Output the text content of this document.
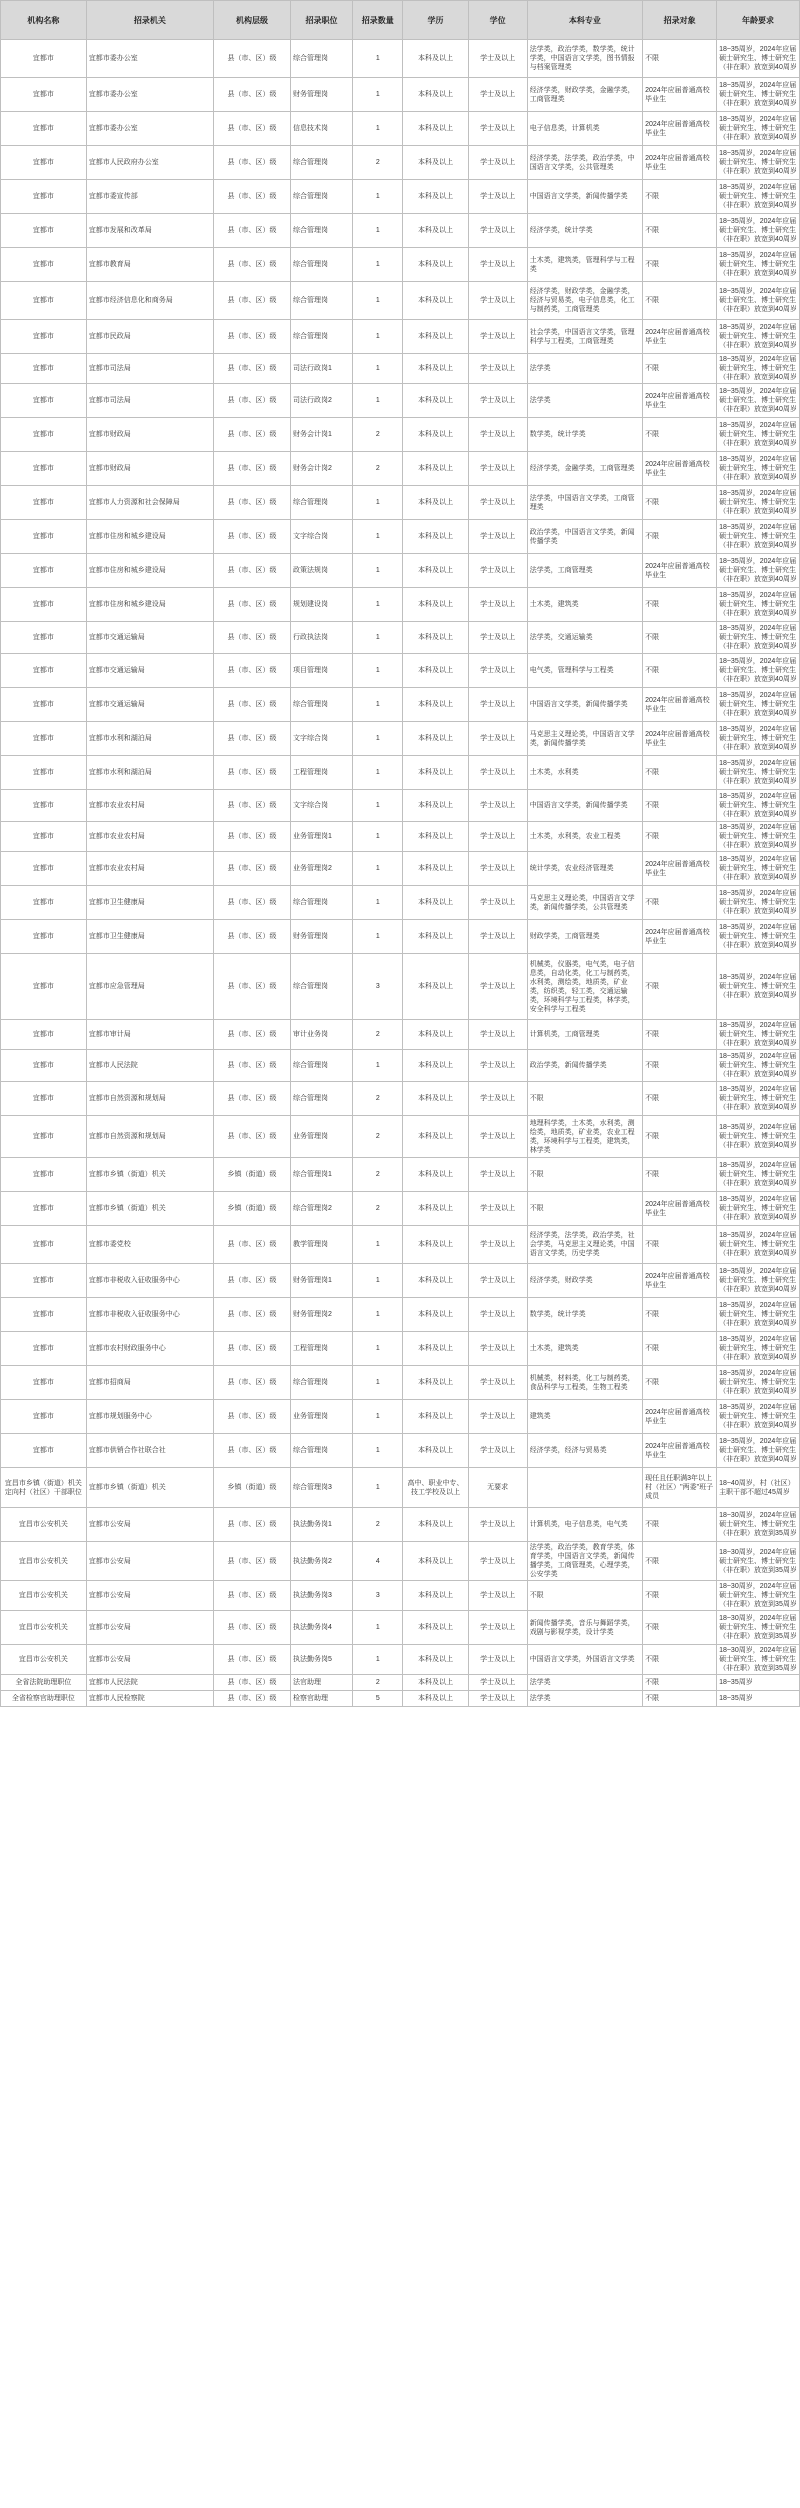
机构名称	招录机关	机构层级	招录职位	招录数量	学历	学位	本科专业	招录对象	年龄要求
宜都市	宜都市委办公室	县（市、区）级	综合管理岗	1	本科及以上	学士及以上	法学类，政治学类，数学类，统计学类，中国语言文学类，图书情报与档案管理类	不限	18~35周岁，2024年应届硕士研究生、博士研究生（非在职）放宽到40周岁
宜都市	宜都市委办公室	县（市、区）级	财务管理岗	1	本科及以上	学士及以上	经济学类，财政学类，金融学类，工商管理类	2024年应届普通高校毕业生	18~35周岁，2024年应届硕士研究生、博士研究生（非在职）放宽到40周岁
宜都市	宜都市委办公室	县（市、区）级	信息技术岗	1	本科及以上	学士及以上	电子信息类，计算机类	2024年应届普通高校毕业生	18~35周岁，2024年应届硕士研究生、博士研究生（非在职）放宽到40周岁
宜都市	宜都市人民政府办公室	县（市、区）级	综合管理岗	2	本科及以上	学士及以上	经济学类，法学类，政治学类，中国语言文学类，公共管理类	2024年应届普通高校毕业生	18~35周岁，2024年应届硕士研究生、博士研究生（非在职）放宽到40周岁
宜都市	宜都市委宣传部	县（市、区）级	综合管理岗	1	本科及以上	学士及以上	中国语言文学类，新闻传播学类	不限	18~35周岁，2024年应届硕士研究生、博士研究生（非在职）放宽到40周岁
宜都市	宜都市发展和改革局	县（市、区）级	综合管理岗	1	本科及以上	学士及以上	经济学类，统计学类	不限	18~35周岁，2024年应届硕士研究生、博士研究生（非在职）放宽到40周岁
宜都市	宜都市教育局	县（市、区）级	综合管理岗	1	本科及以上	学士及以上	土木类，建筑类，管理科学与工程类	不限	18~35周岁，2024年应届硕士研究生、博士研究生（非在职）放宽到40周岁
宜都市	宜都市经济信息化和商务局	县（市、区）级	综合管理岗	1	本科及以上	学士及以上	经济学类，财政学类，金融学类，经济与贸易类，电子信息类，化工与制药类，工商管理类	不限	18~35周岁，2024年应届硕士研究生、博士研究生（非在职）放宽到40周岁
宜都市	宜都市民政局	县（市、区）级	综合管理岗	1	本科及以上	学士及以上	社会学类，中国语言文学类，管理科学与工程类，工商管理类	2024年应届普通高校毕业生	18~35周岁，2024年应届硕士研究生、博士研究生（非在职）放宽到40周岁
宜都市	宜都市司法局	县（市、区）级	司法行政岗1	1	本科及以上	学士及以上	法学类	不限	18~35周岁，2024年应届硕士研究生、博士研究生（非在职）放宽到40周岁
宜都市	宜都市司法局	县（市、区）级	司法行政岗2	1	本科及以上	学士及以上	法学类	2024年应届普通高校毕业生	18~35周岁，2024年应届硕士研究生、博士研究生（非在职）放宽到40周岁
宜都市	宜都市财政局	县（市、区）级	财务会计岗1	2	本科及以上	学士及以上	数学类，统计学类	不限	18~35周岁，2024年应届硕士研究生、博士研究生（非在职）放宽到40周岁
宜都市	宜都市财政局	县（市、区）级	财务会计岗2	2	本科及以上	学士及以上	经济学类，金融学类，工商管理类	2024年应届普通高校毕业生	18~35周岁，2024年应届硕士研究生、博士研究生（非在职）放宽到40周岁
宜都市	宜都市人力资源和社会保障局	县（市、区）级	综合管理岗	1	本科及以上	学士及以上	法学类，中国语言文学类，工商管理类	不限	18~35周岁，2024年应届硕士研究生、博士研究生（非在职）放宽到40周岁
宜都市	宜都市住房和城乡建设局	县（市、区）级	文字综合岗	1	本科及以上	学士及以上	政治学类，中国语言文学类，新闻传播学类	不限	18~35周岁，2024年应届硕士研究生、博士研究生（非在职）放宽到40周岁
宜都市	宜都市住房和城乡建设局	县（市、区）级	政策法规岗	1	本科及以上	学士及以上	法学类，工商管理类	2024年应届普通高校毕业生	18~35周岁，2024年应届硕士研究生、博士研究生（非在职）放宽到40周岁
宜都市	宜都市住房和城乡建设局	县（市、区）级	规划建设岗	1	本科及以上	学士及以上	土木类，建筑类	不限	18~35周岁，2024年应届硕士研究生、博士研究生（非在职）放宽到40周岁
宜都市	宜都市交通运输局	县（市、区）级	行政执法岗	1	本科及以上	学士及以上	法学类，交通运输类	不限	18~35周岁，2024年应届硕士研究生、博士研究生（非在职）放宽到40周岁
宜都市	宜都市交通运输局	县（市、区）级	项目管理岗	1	本科及以上	学士及以上	电气类，管理科学与工程类	不限	18~35周岁，2024年应届硕士研究生、博士研究生（非在职）放宽到40周岁
宜都市	宜都市交通运输局	县（市、区）级	综合管理岗	1	本科及以上	学士及以上	中国语言文学类，新闻传播学类	2024年应届普通高校毕业生	18~35周岁，2024年应届硕士研究生、博士研究生（非在职）放宽到40周岁
宜都市	宜都市水利和湖泊局	县（市、区）级	文字综合岗	1	本科及以上	学士及以上	马克思主义理论类，中国语言文学类，新闻传播学类	2024年应届普通高校毕业生	18~35周岁，2024年应届硕士研究生、博士研究生（非在职）放宽到40周岁
宜都市	宜都市水利和湖泊局	县（市、区）级	工程管理岗	1	本科及以上	学士及以上	土木类，水利类	不限	18~35周岁，2024年应届硕士研究生、博士研究生（非在职）放宽到40周岁
宜都市	宜都市农业农村局	县（市、区）级	文字综合岗	1	本科及以上	学士及以上	中国语言文学类，新闻传播学类	不限	18~35周岁，2024年应届硕士研究生、博士研究生（非在职）放宽到40周岁
宜都市	宜都市农业农村局	县（市、区）级	业务管理岗1	1	本科及以上	学士及以上	土木类，水利类，农业工程类	不限	18~35周岁，2024年应届硕士研究生、博士研究生（非在职）放宽到40周岁
宜都市	宜都市农业农村局	县（市、区）级	业务管理岗2	1	本科及以上	学士及以上	统计学类，农业经济管理类	2024年应届普通高校毕业生	18~35周岁，2024年应届硕士研究生、博士研究生（非在职）放宽到40周岁
宜都市	宜都市卫生健康局	县（市、区）级	综合管理岗	1	本科及以上	学士及以上	马克思主义理论类，中国语言文学类，新闻传播学类，公共管理类	不限	18~35周岁，2024年应届硕士研究生、博士研究生（非在职）放宽到40周岁
宜都市	宜都市卫生健康局	县（市、区）级	财务管理岗	1	本科及以上	学士及以上	财政学类，工商管理类	2024年应届普通高校毕业生	18~35周岁，2024年应届硕士研究生、博士研究生（非在职）放宽到40周岁
宜都市	宜都市应急管理局	县（市、区）级	综合管理岗	3	本科及以上	学士及以上	机械类，仪器类，电气类，电子信息类，自动化类，化工与制药类，水利类，测绘类，地质类，矿业类，纺织类，轻工类，交通运输类，环境科学与工程类，林学类，安全科学与工程类	不限	18~35周岁，2024年应届硕士研究生、博士研究生（非在职）放宽到40周岁
宜都市	宜都市审计局	县（市、区）级	审计业务岗	2	本科及以上	学士及以上	计算机类，工商管理类	不限	18~35周岁，2024年应届硕士研究生、博士研究生（非在职）放宽到40周岁
宜都市	宜都市人民法院	县（市、区）级	综合管理岗	1	本科及以上	学士及以上	政治学类，新闻传播学类	不限	18~35周岁，2024年应届硕士研究生、博士研究生（非在职）放宽到40周岁
宜都市	宜都市自然资源和规划局	县（市、区）级	综合管理岗	2	本科及以上	学士及以上	不限	不限	18~35周岁，2024年应届硕士研究生、博士研究生（非在职）放宽到40周岁
宜都市	宜都市自然资源和规划局	县（市、区）级	业务管理岗	2	本科及以上	学士及以上	地理科学类，土木类，水利类，测绘类，地质类，矿业类，农业工程类，环境科学与工程类，建筑类，林学类	不限	18~35周岁，2024年应届硕士研究生、博士研究生（非在职）放宽到40周岁
宜都市	宜都市乡镇（街道）机关	乡镇（街道）级	综合管理岗1	2	本科及以上	学士及以上	不限	不限	18~35周岁，2024年应届硕士研究生、博士研究生（非在职）放宽到40周岁
宜都市	宜都市乡镇（街道）机关	乡镇（街道）级	综合管理岗2	2	本科及以上	学士及以上	不限	2024年应届普通高校毕业生	18~35周岁，2024年应届硕士研究生、博士研究生（非在职）放宽到40周岁
宜都市	宜都市委党校	县（市、区）级	教学管理岗	1	本科及以上	学士及以上	经济学类，法学类，政治学类，社会学类，马克思主义理论类，中国语言文学类，历史学类	不限	18~35周岁，2024年应届硕士研究生、博士研究生（非在职）放宽到40周岁
宜都市	宜都市非税收入征收服务中心	县（市、区）级	财务管理岗1	1	本科及以上	学士及以上	经济学类，财政学类	2024年应届普通高校毕业生	18~35周岁，2024年应届硕士研究生、博士研究生（非在职）放宽到40周岁
宜都市	宜都市非税收入征收服务中心	县（市、区）级	财务管理岗2	1	本科及以上	学士及以上	数学类，统计学类	不限	18~35周岁，2024年应届硕士研究生、博士研究生（非在职）放宽到40周岁
宜都市	宜都市农村财政服务中心	县（市、区）级	工程管理岗	1	本科及以上	学士及以上	土木类，建筑类	不限	18~35周岁，2024年应届硕士研究生、博士研究生（非在职）放宽到40周岁
宜都市	宜都市招商局	县（市、区）级	综合管理岗	1	本科及以上	学士及以上	机械类，材料类，化工与制药类，食品科学与工程类，生物工程类	不限	18~35周岁，2024年应届硕士研究生、博士研究生（非在职）放宽到40周岁
宜都市	宜都市规划服务中心	县（市、区）级	业务管理岗	1	本科及以上	学士及以上	建筑类	2024年应届普通高校毕业生	18~35周岁，2024年应届硕士研究生、博士研究生（非在职）放宽到40周岁
宜都市	宜都市供销合作社联合社	县（市、区）级	综合管理岗	1	本科及以上	学士及以上	经济学类，经济与贸易类	2024年应届普通高校毕业生	18~35周岁，2024年应届硕士研究生、博士研究生（非在职）放宽到40周岁
宜昌市乡镇（街道）机关定向村（社区）干部职位	宜都市乡镇（街道）机关	乡镇（街道）级	综合管理岗3	1	高中、职业中专、技工学校及以上	无要求		现任且任职满3年以上村（社区）"两委"班子成员	18~40周岁，村（社区）主职干部不超过45周岁
宜昌市公安机关	宜都市公安局	县（市、区）级	执法勤务岗1	2	本科及以上	学士及以上	计算机类，电子信息类，电气类	不限	18~30周岁，2024年应届硕士研究生、博士研究生（非在职）放宽到35周岁
宜昌市公安机关	宜都市公安局	县（市、区）级	执法勤务岗2	4	本科及以上	学士及以上	法学类，政治学类，教育学类，体育学类，中国语言文学类，新闻传播学类，工商管理类，心理学类，公安学类	不限	18~30周岁，2024年应届硕士研究生、博士研究生（非在职）放宽到35周岁
宜昌市公安机关	宜都市公安局	县（市、区）级	执法勤务岗3	3	本科及以上	学士及以上	不限	不限	18~30周岁，2024年应届硕士研究生、博士研究生（非在职）放宽到35周岁
宜昌市公安机关	宜都市公安局	县（市、区）级	执法勤务岗4	1	本科及以上	学士及以上	新闻传播学类，音乐与舞蹈学类，戏剧与影视学类，设计学类	不限	18~30周岁，2024年应届硕士研究生、博士研究生（非在职）放宽到35周岁
宜昌市公安机关	宜都市公安局	县（市、区）级	执法勤务岗5	1	本科及以上	学士及以上	中国语言文学类，外国语言文学类	不限	18~30周岁，2024年应届硕士研究生、博士研究生（非在职）放宽到35周岁
全省法院助理职位	宜都市人民法院	县（市、区）级	法官助理	2	本科及以上	学士及以上	法学类	不限	18~35周岁
全省检察官助理职位	宜都市人民检察院	县（市、区）级	检察官助理	5	本科及以上	学士及以上	法学类	不限	18~35周岁
